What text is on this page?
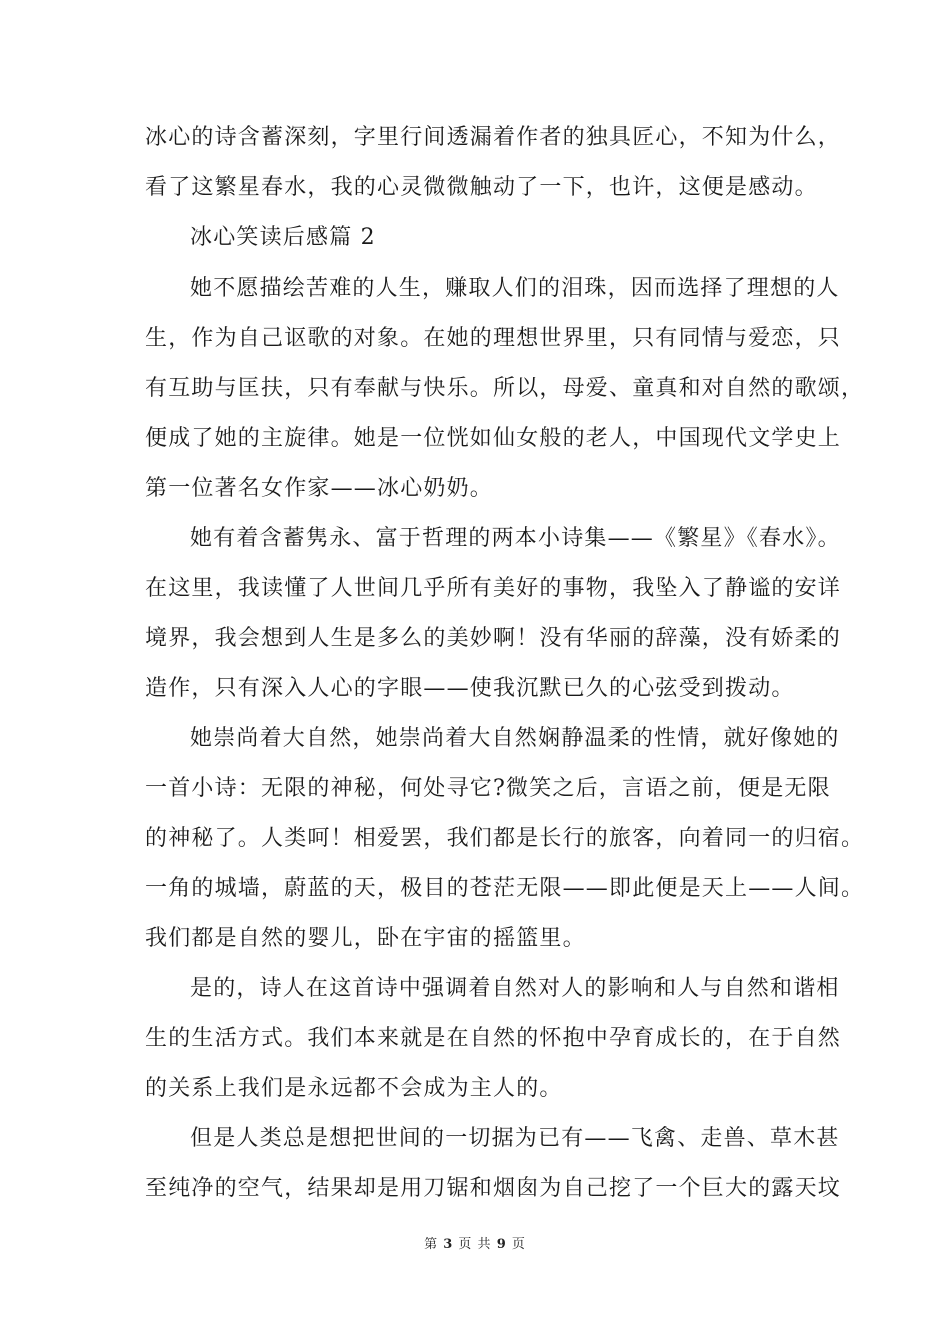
冰心的诗含蓄深刻，字里行间透漏着作者的独具匠心，不知为什么，
看了这繁星春水，我的心灵微微触动了一下，也许，这便是感动。
冰心笑读后感篇 2
她不愿描绘苦难的人生，赚取人们的泪珠，因而选择了理想的人
生，作为自己讴歌的对象。在她的理想世界里，只有同情与爱恋，只
有互助与匡扶，只有奉献与快乐。所以，母爱、童真和对自然的歌颂，
便成了她的主旋律。她是一位恍如仙女般的老人，中国现代文学史上
第一位著名女作家——冰心奶奶。
她有着含蓄隽永、富于哲理的两本小诗集——《繁星》《春水》。
在这里，我读懂了人世间几乎所有美好的事物，我坠入了静谧的安详
境界，我会想到人生是多么的美妙啊！没有华丽的辞藻，没有娇柔的
造作，只有深入人心的字眼——使我沉默已久的心弦受到拨动。
她崇尚着大自然，她崇尚着大自然娴静温柔的性情，就好像她的
一首小诗：无限的神秘，何处寻它?微笑之后，言语之前，便是无限
的神秘了。人类呵！相爱罢，我们都是长行的旅客，向着同一的归宿。
一角的城墙，蔚蓝的天，极目的苍茫无限——即此便是天上——人间。
我们都是自然的婴儿，卧在宇宙的摇篮里。
是的，诗人在这首诗中强调着自然对人的影响和人与自然和谐相
生的生活方式。我们本来就是在自然的怀抱中孕育成长的，在于自然
的关系上我们是永远都不会成为主人的。
但是人类总是想把世间的一切据为已有——飞禽、走兽、草木甚
至纯净的空气，结果却是用刀锯和烟囱为自己挖了一个巨大的露天坟
第 3 页 共 9 页
